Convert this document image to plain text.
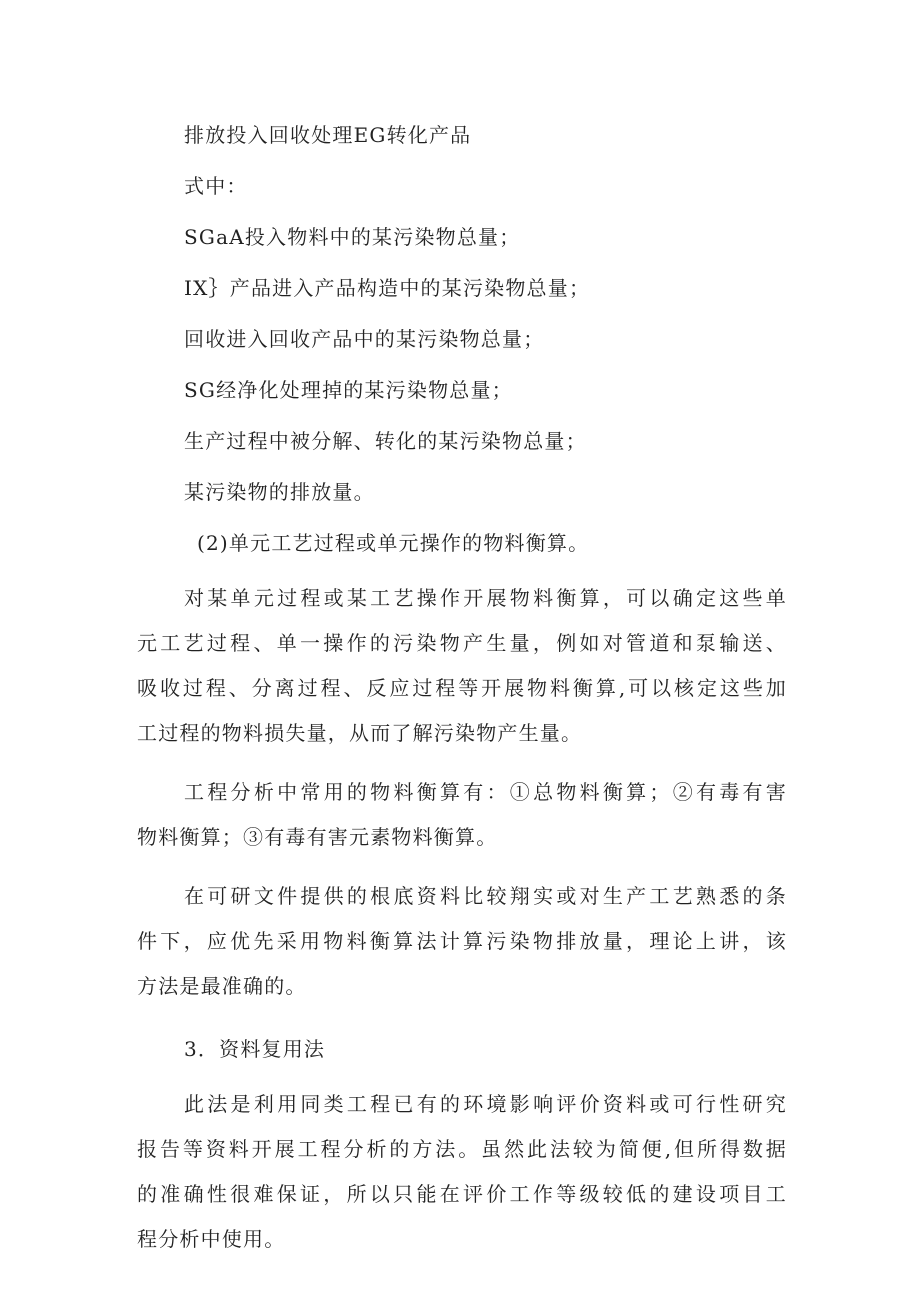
排放投入回收处理EG转化产品
式中：
SGaA投入物料中的某污染物总量；
IX｝产品进入产品构造中的某污染物总量；
回收进入回收产品中的某污染物总量；
SG经净化处理掉的某污染物总量；
生产过程中被分解、转化的某污染物总量；
某污染物的排放量。
(2)单元工艺过程或单元操作的物料衡算。
对某单元过程或某工艺操作开展物料衡算，可以确定这些单
元工艺过程、单一操作的污染物产生量，例如对管道和泵输送、
吸收过程、分离过程、反应过程等开展物料衡算,可以核定这些加
工过程的物料损失量，从而了解污染物产生量。
工程分析中常用的物料衡算有：①总物料衡算；②有毒有害
物料衡算；③有毒有害元素物料衡算。
在可研文件提供的根底资料比较翔实或对生产工艺熟悉的条
件下，应优先采用物料衡算法计算污染物排放量，理论上讲，该
方法是最准确的。
3．资料复用法
此法是利用同类工程已有的环境影响评价资料或可行性研究
报告等资料开展工程分析的方法。虽然此法较为简便,但所得数据
的准确性很难保证，所以只能在评价工作等级较低的建设项目工
程分析中使用。
